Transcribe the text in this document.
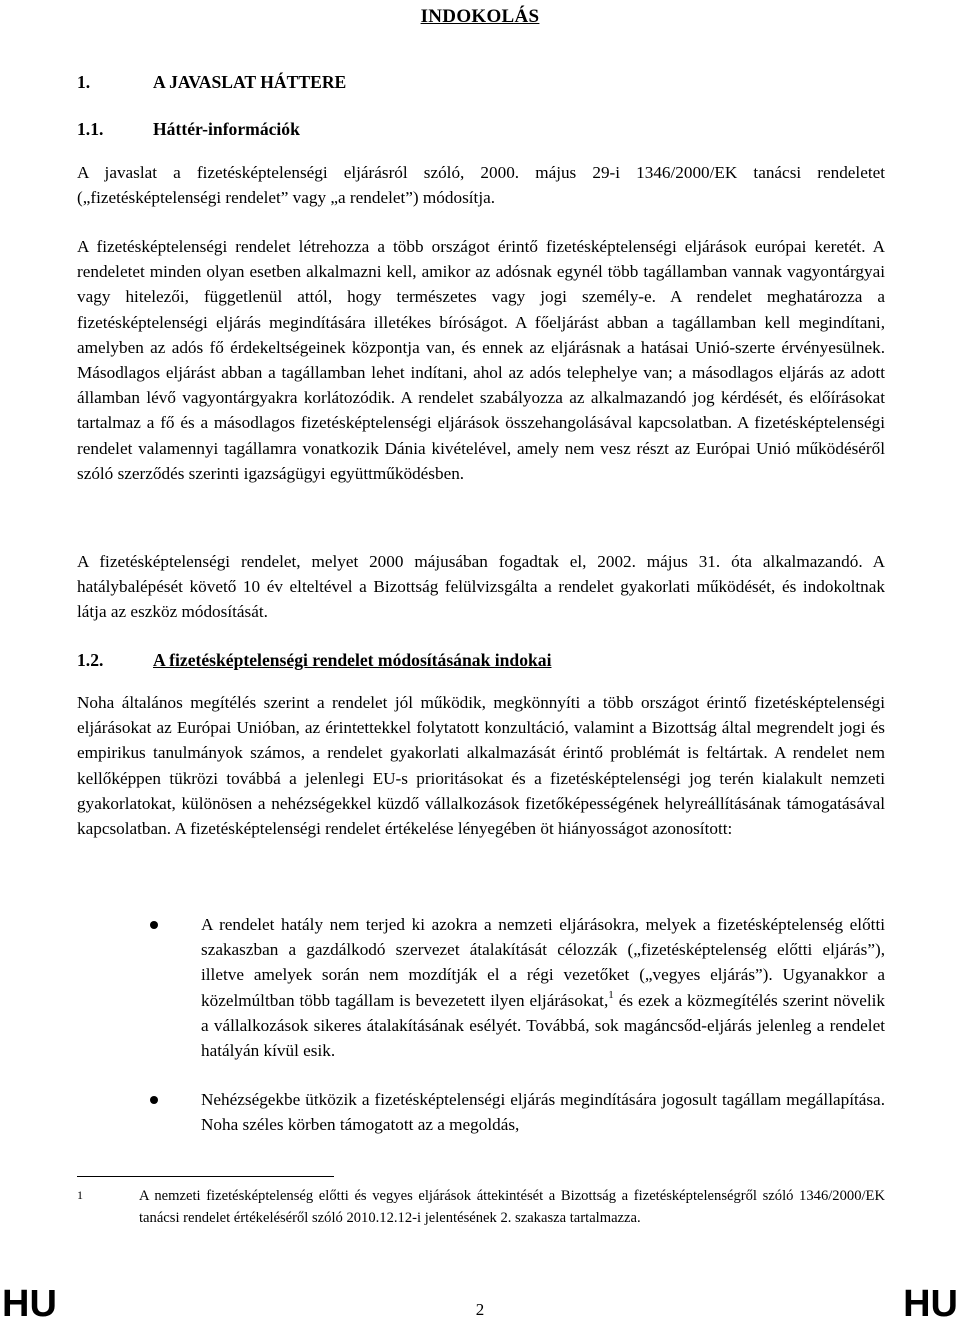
INDOKOLÁS
1.	A JAVASLAT HÁTTERE
1.1.	Háttér-információk

A javaslat a fizetésképtelenségi eljárásról szóló, 2000. május 29-i 1346/2000/EK tanácsi rendeletet („fizetésképtelenségi rendelet” vagy „a rendelet”) módosítja.

A fizetésképtelenségi rendelet létrehozza a több országot érintő fizetésképtelenségi eljárások európai keretét. A rendeletet minden olyan esetben alkalmazni kell, amikor az adósnak egynél több tagállamban vannak vagyontárgyai vagy hitelezői, függetlenül attól, hogy természetes vagy jogi személy-e. A rendelet meghatározza a fizetésképtelenségi eljárás megindítására illetékes bíróságot. A főeljárást abban a tagállamban kell megindítani, amelyben az adós fő érdekeltségeinek központja van, és ennek az eljárásnak a hatásai Unió-szerte érvényesülnek. Másodlagos eljárást abban a tagállamban lehet indítani, ahol az adós telephelye van; a másodlagos eljárás az adott államban lévő vagyontárgyakra korlátozódik. A rendelet szabályozza az alkalmazandó jog kérdését, és előírásokat tartalmaz a fő és a másodlagos fizetésképtelenségi eljárások összehangolásával kapcsolatban. A fizetésképtelenségi rendelet valamennyi tagállamra vonatkozik Dánia kivételével, amely nem vesz részt az Európai Unió működéséről szóló szerződés szerinti igazságügyi együttműködésben.

A fizetésképtelenségi rendelet, melyet 2000 májusában fogadtak el, 2002. május 31. óta alkalmazandó. A hatálybalépését követő 10 év elteltével a Bizottság felülvizsgálta a rendelet gyakorlati működését, és indokoltnak látja az eszköz módosítását.

1.2.	A fizetésképtelenségi rendelet módosításának indokai

Noha általános megítélés szerint a rendelet jól működik, megkönnyíti a több országot érintő fizetésképtelenségi eljárásokat az Európai Unióban, az érintettekkel folytatott konzultáció, valamint a Bizottság által megrendelt jogi és empirikus tanulmányok számos, a rendelet gyakorlati alkalmazását érintő problémát is feltártak. A rendelet nem kellőképpen tükrözi továbbá a jelenlegi EU-s prioritásokat és a fizetésképtelenségi jog terén kialakult nemzeti gyakorlatokat, különösen a nehézségekkel küzdő vállalkozások fizetőképességének helyreállításának támogatásával kapcsolatban. A fizetésképtelenségi rendelet értékelése lényegében öt hiányosságot azonosított:

A rendelet hatály nem terjed ki azokra a nemzeti eljárásokra, melyek a fizetésképtelenség előtti szakaszban a gazdálkodó szervezet átalakítását célozzák („fizetésképtelenség előtti eljárás”), illetve amelyek során nem mozdítják el a régi vezetőket („vegyes eljárás”). Ugyanakkor a közelmúltban több tagállam is bevezetett ilyen eljárásokat,$^1$ és ezek a közmegítélés szerint növelik a vállalkozások sikeres átalakításának esélyét. Továbbá, sok magáncsőd-eljárás jelenleg a rendelet hatályán kívül esik.
Nehézségekbe ütközik a fizetésképtelenségi eljárás megindítására jogosult tagállam megállapítása. Noha széles körben támogatott az a megoldás,
1	A nemzeti fizetésképtelenség előtti és vegyes eljárások áttekintését a Bizottság a fizetésképtelenségről szóló 1346/2000/EK tanácsi rendelet értékeléséről szóló 2010.12.12-i jelentésének 2. szakasza tartalmazza.
HU	2	HU
